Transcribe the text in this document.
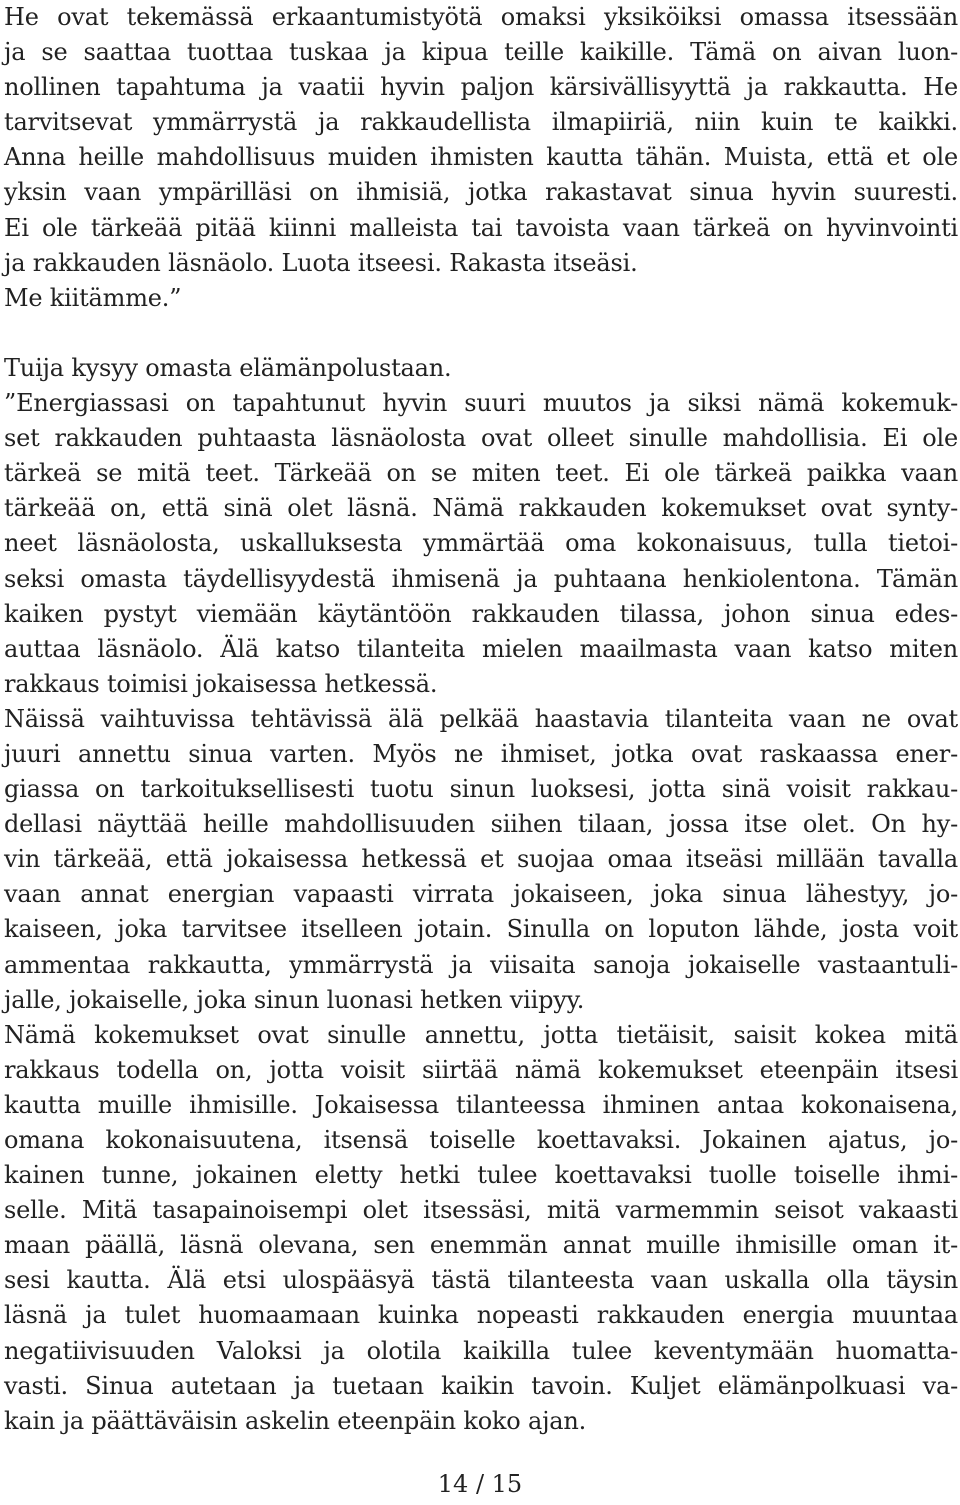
He ovat tekemässä erkaantumistyötä omaksi yksiköiksi omassa itsessään
ja se saattaa tuottaa tuskaa ja kipua teille kaikille. Tämä on aivan luon-
nollinen tapahtuma ja vaatii hyvin paljon kärsivällisyyttä ja rakkautta. He
tarvitsevat ymmärrystä ja rakkaudellista ilmapiiriä, niin kuin te kaikki.
Anna heille mahdollisuus muiden ihmisten kautta tähän. Muista, että et ole
yksin vaan ympärilläsi on ihmisiä, jotka rakastavat sinua hyvin suuresti.
Ei ole tärkeää pitää kiinni malleista tai tavoista vaan tärkeä on hyvinvointi
ja rakkauden läsnäolo. Luota itseesi. Rakasta itseäsi.
Me kiitämme.”
Tuija kysyy omasta elämänpolustaan.
”Energiassasi on tapahtunut hyvin suuri muutos ja siksi nämä kokemuk-
set rakkauden puhtaasta läsnäolosta ovat olleet sinulle mahdollisia. Ei ole
tärkeä se mitä teet. Tärkeää on se miten teet. Ei ole tärkeä paikka vaan
tärkeää on, että sinä olet läsnä. Nämä rakkauden kokemukset ovat synty-
neet läsnäolosta, uskalluksesta ymmärtää oma kokonaisuus, tulla tietoi-
seksi omasta täydellisyydestä ihmisenä ja puhtaana henkiolentona. Tämän
kaiken pystyt viemään käytäntöön rakkauden tilassa, johon sinua edes-
auttaa läsnäolo. Älä katso tilanteita mielen maailmasta vaan katso miten
rakkaus toimisi jokaisessa hetkessä.
Näissä vaihtuvissa tehtävissä älä pelkää haastavia tilanteita vaan ne ovat
juuri annettu sinua varten. Myös ne ihmiset, jotka ovat raskaassa ener-
giassa on tarkoituksellisesti tuotu sinun luoksesi, jotta sinä voisit rakkau-
dellasi näyttää heille mahdollisuuden siihen tilaan, jossa itse olet. On hy-
vin tärkeää, että jokaisessa hetkessä et suojaa omaa itseäsi millään tavalla
vaan annat energian vapaasti virrata jokaiseen, joka sinua lähestyy, jo-
kaiseen, joka tarvitsee itselleen jotain. Sinulla on loputon lähde, josta voit
ammentaa rakkautta, ymmärrystä ja viisaita sanoja jokaiselle vastaantuli-
jalle, jokaiselle, joka sinun luonasi hetken viipyy.
Nämä kokemukset ovat sinulle annettu, jotta tietäisit, saisit kokea mitä
rakkaus todella on, jotta voisit siirtää nämä kokemukset eteenpäin itsesi
kautta muille ihmisille. Jokaisessa tilanteessa ihminen antaa kokonaisena,
omana kokonaisuutena, itsensä toiselle koettavaksi. Jokainen ajatus, jo-
kainen tunne, jokainen eletty hetki tulee koettavaksi tuolle toiselle ihmi-
selle. Mitä tasapainoisempi olet itsessäsi, mitä varmemmin seisot vakaasti
maan päällä, läsnä olevana, sen enemmän annat muille ihmisille oman it-
sesi kautta. Älä etsi ulospääsyä tästä tilanteesta vaan uskalla olla täysin
läsnä ja tulet huomaamaan kuinka nopeasti rakkauden energia muuntaa
negatiivisuuden Valoksi ja olotila kaikilla tulee keventymään huomatta-
vasti. Sinua autetaan ja tuetaan kaikin tavoin. Kuljet elämänpolkuasi va-
kain ja päättäväisin askelin eteenpäin koko ajan.
14 / 15
